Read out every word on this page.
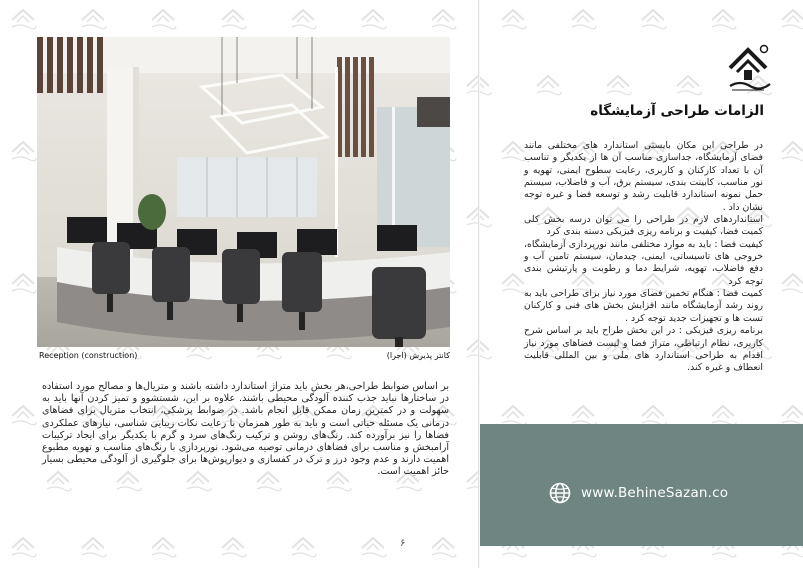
Reception (construction)	کانتر پذیرش (اجرا)
بر اساس ضوابط طراحی،هر بخش باید متراژ استاندارد داشته باشند و متریال‌ها و مصالح مورد استفاده در ساختارها نباید جذب کننده آلودگی محیطی باشند. علاوه بر این، شستشوو و تمیز کردن آنها باید به سهولت و در کمترین زمان ممکن قابل انجام باشد. در ضوابط پزشکی، انتخاب متریال برای فضاهای درمانی یک مسئله حیاتی است و باید به طور همزمان با رعایت نکات زیبایی شناسی، نیازهای عملکردی فضاها را نیز برآورده کند. رنگ‌های روشن و ترکیب رنگ‌های سرد و گرم با یکدیگر برای ایجاد ترکیبات آرامبخش و مناسب برای فضاهای درمانی توصیه می‌شود. نورپردازی با رنگ‌های مناسب و تهویه مطبوع اهمیت دارند و عدم وجود درز و ترک در کفسازی و دیوارپوش‌ها برای جلوگیری از آلودگی محیطی بسیار حائز اهمیت است.
۶
الزامات طراحی آزمایشگاه
در طراحی این مکان بایستی استاندارد های مختلفی مانند فضای آزمایشگاه، جداسازی مناسب آن ها از یکدیگر و تناسب آن با تعداد کارکنان و کاربری، رعایت سطوح ایمنی، تهویه و نور مناسب، کابینت بندی، سیستم برق، آب و فاضلاب، سیستم حمل نمونه استاندارد قابلیت رشد و توسعه فضا و غیره توجه نشان داد .
استانداردهای لازم در طراحی را می توان درسه بخش کلی کمیت فضا، کیفیت و برنامه ریزی فیزیکی دسته بندی کرد
کیفیت فضا : باید به موارد مختلفی مانند نورپردازی آزمایشگاه، خروجی های تاسیساتی، ایمنی، چیدمان، سیستم تامین آب و دفع فاضلاب، تهویه، شرایط دما و رطوبت و پارتیشن بندی توجه کرد
کمیت فضا : هنگام تخمین فضای مورد نیاز برای طراحی باید به روند رشد آزمایشگاه مانند افزایش بخش های فنی و کارکنان تست ها و تجهیزات جدید توجه کرد .
برنامه ریزی فیزیکی : در این بخش طراح باید بر اساس شرح کاربری، نظام ارتباطی، متراژ فضا و لیست فضاهای مورد نیاز اقدام به طراحی استاندارد های ملی و بین المللی قابلیت انعطاف و غیره کند.
www.BehineSazan.co
